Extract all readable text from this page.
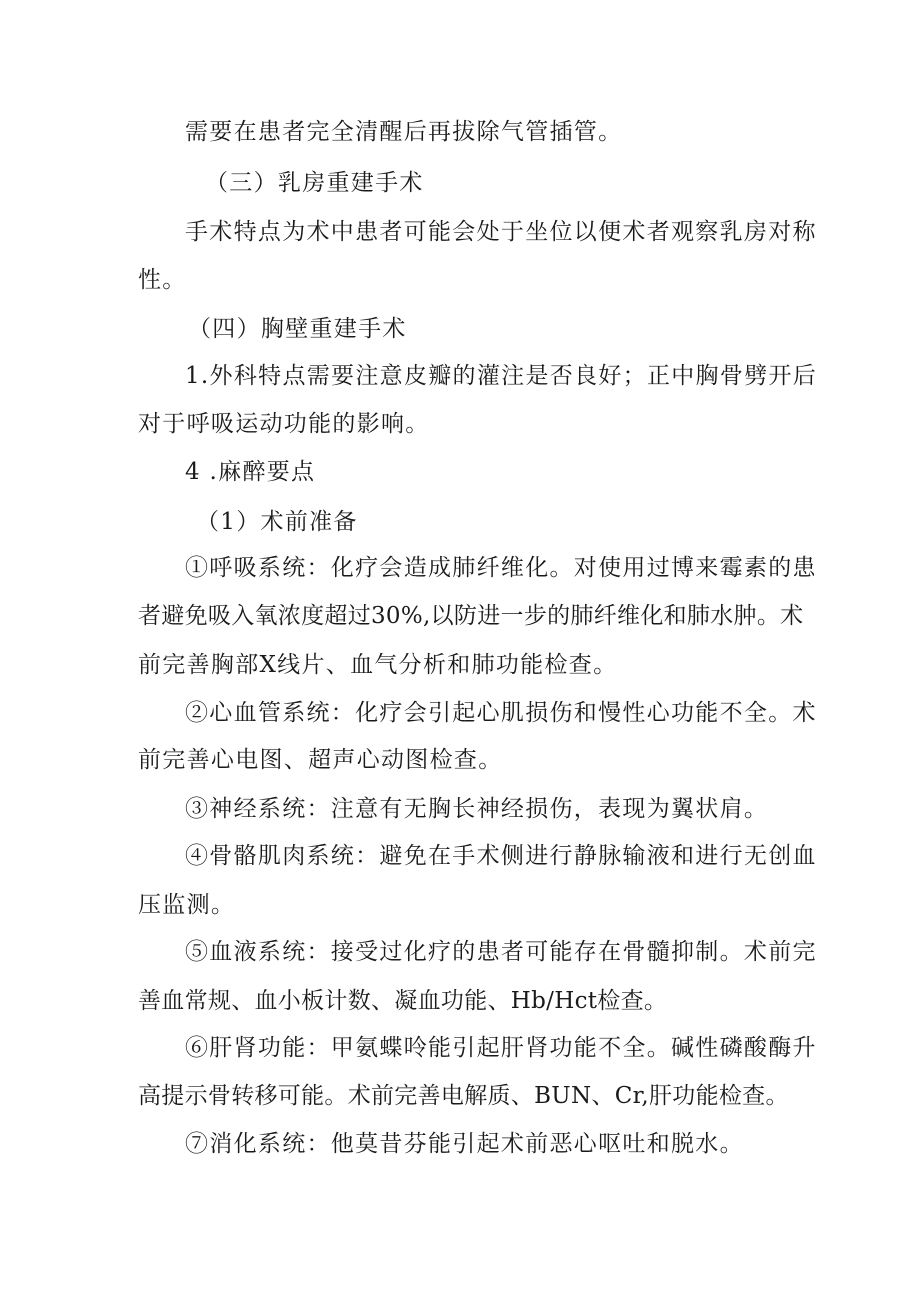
需要在患者完全清醒后再拔除气管插管。
（三）乳房重建手术
手术特点为术中患者可能会处于坐位以便术者观察乳房对称
性。
（四）胸壁重建手术
1.外科特点需要注意皮瓣的灌注是否良好；正中胸骨劈开后
对于呼吸运动功能的影响。
4 .麻醉要点
（1）术前准备
①呼吸系统：化疗会造成肺纤维化。对使用过博来霉素的患
者避免吸入氧浓度超过30%,以防进一步的肺纤维化和肺水肿。术
前完善胸部X线片、血气分析和肺功能检查。
②心血管系统：化疗会引起心肌损伤和慢性心功能不全。术
前完善心电图、超声心动图检查。
③神经系统：注意有无胸长神经损伤，表现为翼状肩。
④骨骼肌肉系统：避免在手术侧进行静脉输液和进行无创血
压监测。
⑤血液系统：接受过化疗的患者可能存在骨髓抑制。术前完
善血常规、血小板计数、凝血功能、Hb/Hct检查。
⑥肝肾功能：甲氨蝶呤能引起肝肾功能不全。碱性磷酸酶升
高提示骨转移可能。术前完善电解质、BUN、Cr,肝功能检查。
⑦消化系统：他莫昔芬能引起术前恶心呕吐和脱水。
